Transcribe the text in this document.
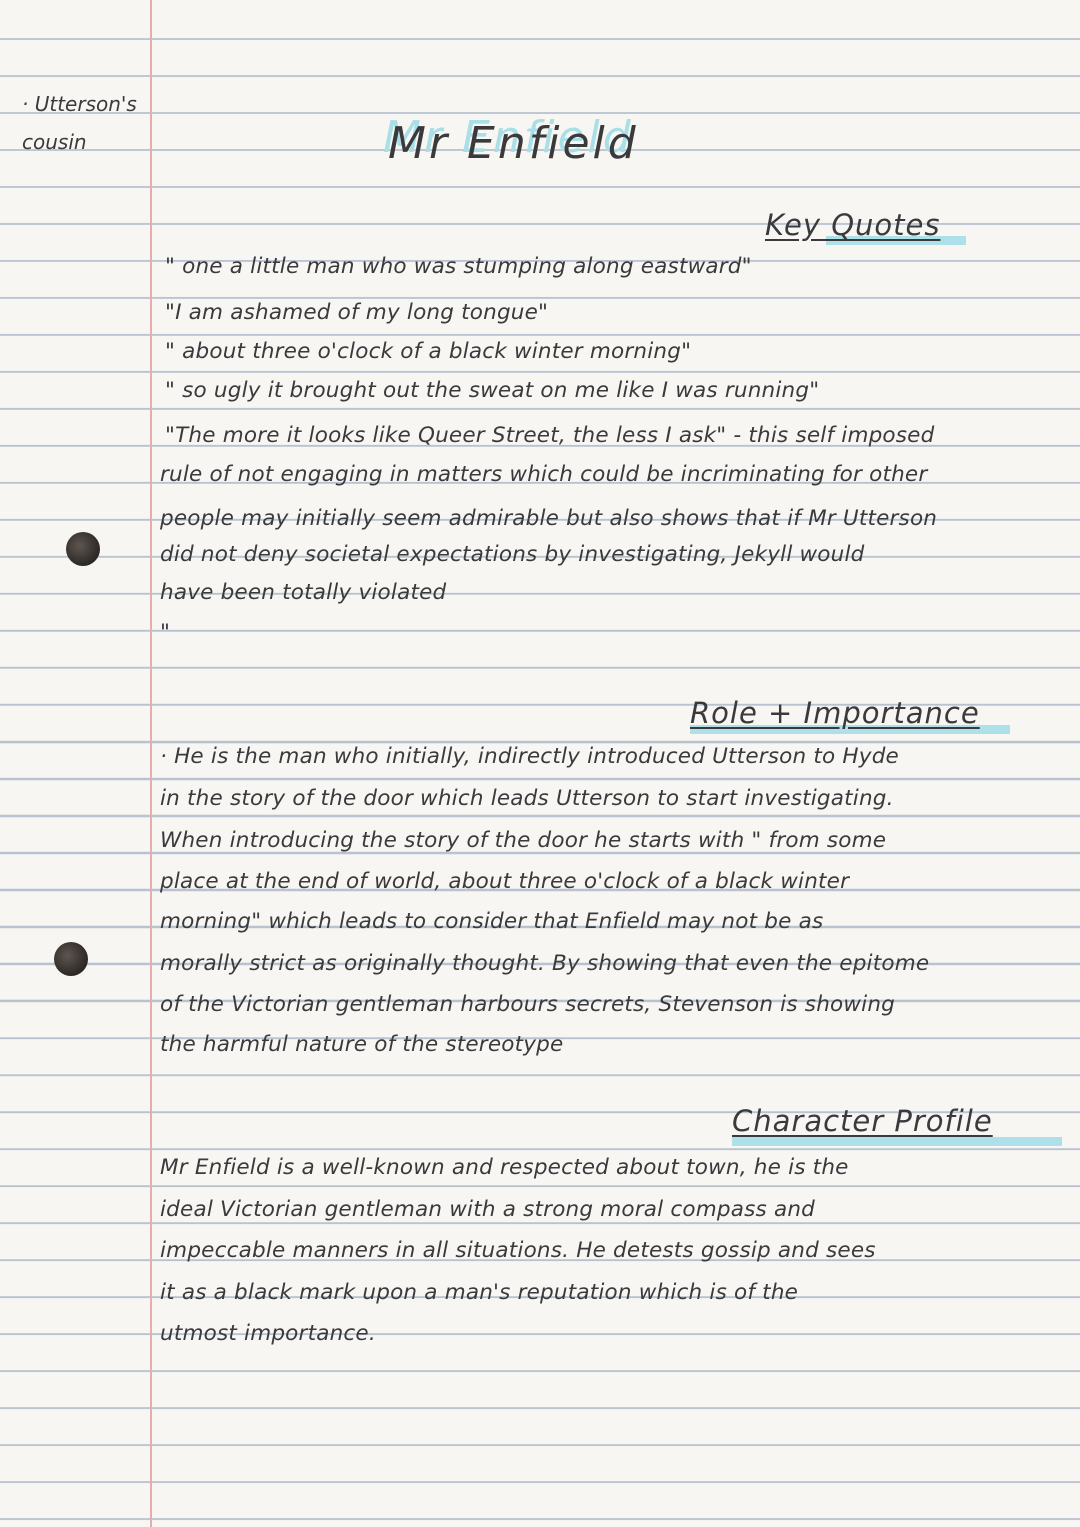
· Utterson's
cousin	Mr Enfield
Key Quotes
" one a little man who was stumping along eastward"
"I am ashamed of my long tongue"
" about three o'clock of a black winter morning"
" so ugly it brought out the sweat on me like I was running"
"The more it looks like Queer Street, the less I ask" - this self imposed
rule of not engaging in matters which could be incriminating for other
people may initially seem admirable but also shows that if Mr Utterson
did not deny societal expectations by investigating, Jekyll would
have been totally violated
"
Role + Importance
· He is the man who initially, indirectly introduced Utterson to Hyde
in the story of the door which leads Utterson to start investigating.
When introducing the story of the door he starts with " from some
place at the end of world, about three o'clock of a black winter
morning" which leads to consider that Enfield may not be as
morally strict as originally thought. By showing that even the epitome
of the Victorian gentleman harbours secrets, Stevenson is showing
the harmful nature of the stereotype
Character Profile
Mr Enfield is a well-known and respected about town, he is the
ideal Victorian gentleman with a strong moral compass and
impeccable manners in all situations. He detests gossip and sees
it as a black mark upon a man's reputation which is of the
utmost importance.
